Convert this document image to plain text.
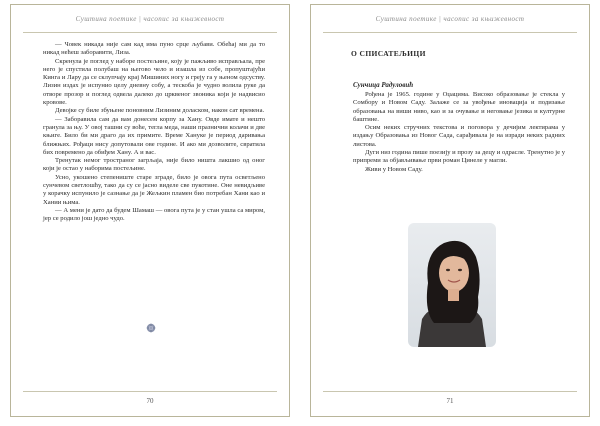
Суштина поетике | часопис за књижевност

— Човек никада није сам кад има пуно срце љубави. Обећај ми да то никад нећеш заборавити, Лиза.

Скренула је поглед у наборе постељине, коју је пажљиво исправљала, пре него је спустила полубаш на његово чело и изашла из собе, пропуштајући Кинга и Лару да се склупчају крај Мишиних ногу и греју га у њеном одсуству. Лизин издах је испунио целу дневну собу, а тескоба је чудно волила руке да отворе прозор и поглед одвела далеко до црквеног звоника који је надвисио кровове.

Девојке су биле збуњене поновним Лизиним доласком, након сат времена.

— Заборавила сам да вам донесем корпу за Хану. Овде имате и нешто гранула за њу. У овој ташни су воће, тегла меда, наши празнични колачи и две књиге. Било би ми драго да их примите. Време Хануке је период даривања ближњих. Рођаци нису допутовали ове године. И ако ми дозволите, свратила бих повремено да обиђем Хану. А и вас.

Тренутак немог тространог загрљаја, није било ништа лакшио од оног који је остао у наборима постељине.

Усно, укошено степениште старе зграде, било је овога пута осветљено сунчевом светлошћу, тако да су се јасно виделе све пукотине. Оне невидљиве у корачку испунило је сазнање да је Жељкин пламен био потребан Хани као и Хании њима.

— А мени је дато да будем Шамаш — овога пута је у стан ушла са миром, јер се родило још једно чудо.

70
Суштина поетике | часопис за књижевност
О СПИСАТЕЉИЦИ
Сунчица Радуловић

Рођена је 1965. године у Оџацима. Високо образовање је стекла у Сомбору и Новом Саду. Залаже се за увођење иновација и подизање образовања на виши ниво, као и за очување и неговање језика и културне баштине.

Осим неких стручних текстова и поговора у дечијим лектирама у издању Образовања из Новог Сада, сарађивала је на изради неких радних листова.

Дуги низ година пише поезију и прозу за децу и одрасле. Тренутно је у припреми за објављивање први роман Цинеле у магли.

Живи у Новом Саду.

71
